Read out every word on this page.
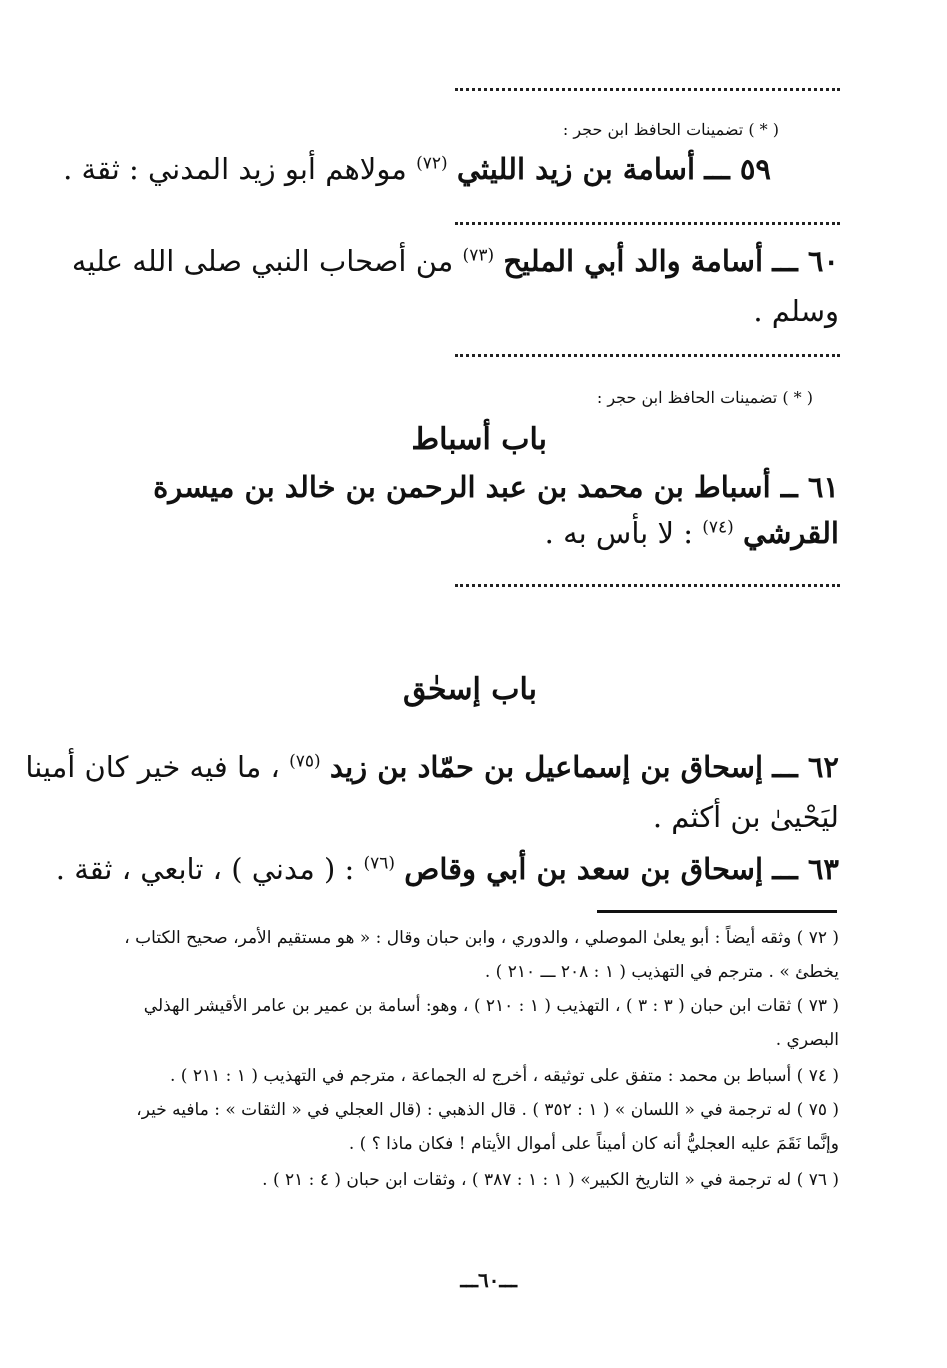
( * ) تضمينات الحافظ ابن حجر :
٥٩ ـــ أسامة بن زيد الليثي $^{(٧٢)}$ مولاهم أبو زيد المدني : ثقة .
٦٠ ـــ أسامة والد أبي المليح $^{(٧٣)}$ من أصحاب النبي صلى الله عليه
وسلم .
( * ) تضمينات الحافظ ابن حجر :
باب أسباط
٦١ ــ أسباط بن محمد بن عبد الرحمن بن خالد بن ميسرة
القرشي $^{(٧٤)}$ : لا بأس به .
باب إسحٰق
٦٢ ـــ إسحاق بن إسماعيل بن حمّاد بن زيد $^{(٧٥)}$ ، ما فيه خير كان أمينا
ليَحْيىٰ بن أكثم .
٦٣ ـــ إسحاق بن سعد بن أبي وقاص $^{(٧٦)}$ : ( مدني ) ، تابعي ، ثقة .
( ٧٢ ) وثقه أيضاً : أبو يعلىٰ الموصلي ، والدوري ، وابن حبان وقال : « هو مستقيم الأمر، صحيح الكتاب ،
يخطئ » . مترجم في التهذيب ( ١ : ٢٠٨ ـــ ٢١٠ ) .
( ٧٣ ) ثقات ابن حبان ( ٣ : ٣ ) ، التهذيب ( ١ : ٢١٠ ) ، وهو: أسامة بن عمير بن عامر الأقيشر الهذلي
البصري .
( ٧٤ ) أسباط بن محمد : متفق على توثيقه ، أخرج له الجماعة ، مترجم في التهذيب ( ١ : ٢١١ ) .
( ٧٥ ) له ترجمة في « اللسان » ( ١ : ٣٥٢ ) . قال الذهبي : (قال العجلي في « الثقات » : مافيه خير،
وإنَّما نَقَمَ عليه العجليُّ أنه كان أميناً على أموال الأيتام ! فكان ماذا ؟ ) .
( ٧٦ ) له ترجمة في « التاريخ الكبير» ( ١ : ١ : ٣٨٧ ) ، وثقات ابن حبان ( ٤ : ٢١ ) .
ـــ٦٠ـــ
